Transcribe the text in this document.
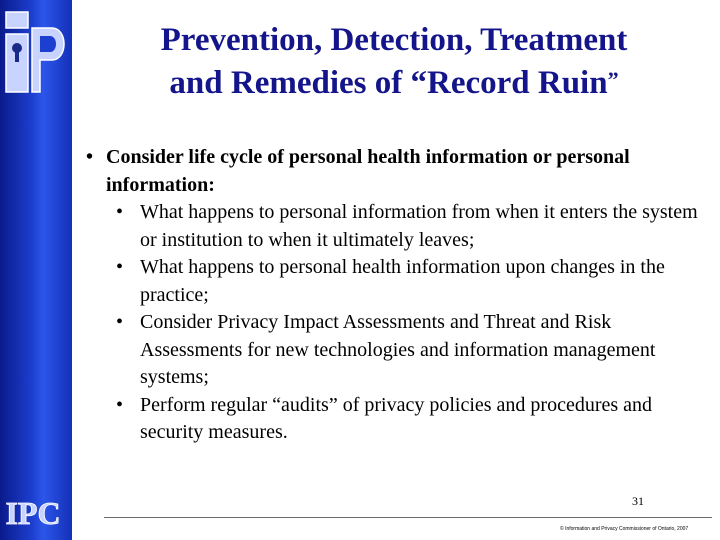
IPC
Prevention, Detection, Treatment
and Remedies of “Record Ruin”
• Consider life cycle of personal health information or personal information:
• What happens to personal information from when it enters the system or institution to when it ultimately leaves;
• What happens to personal health information upon changes in the practice;
• Consider Privacy Impact Assessments and Threat and Risk Assessments for new technologies and information management systems;
• Perform regular “audits” of privacy policies and procedures and security measures.
31
© Information and Privacy Commissioner of Ontario, 2007
